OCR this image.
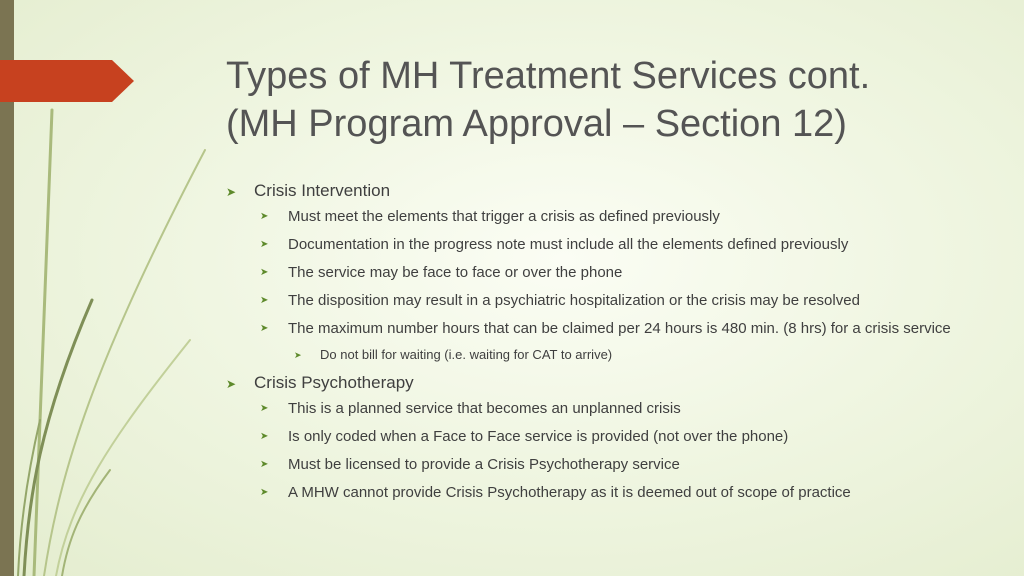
Types of MH Treatment Services cont.
(MH Program Approval – Section 12)
➤ Crisis Intervention
➤ Must meet the elements that trigger a crisis as defined previously
➤ Documentation in the progress note must include all the elements defined previously
➤ The service may be face to face or over the phone
➤ The disposition may result in a psychiatric hospitalization or the crisis may be resolved
➤ The maximum number hours that can be claimed per 24 hours is 480 min. (8 hrs) for a crisis service
➤ Do not bill for waiting (i.e. waiting for CAT to arrive)
➤ Crisis Psychotherapy
➤ This is a planned service that becomes an unplanned crisis
➤ Is only coded when a Face to Face service is provided (not over the phone)
➤ Must be licensed to provide a Crisis Psychotherapy service
➤ A MHW cannot provide Crisis Psychotherapy as it is deemed out of scope of practice
